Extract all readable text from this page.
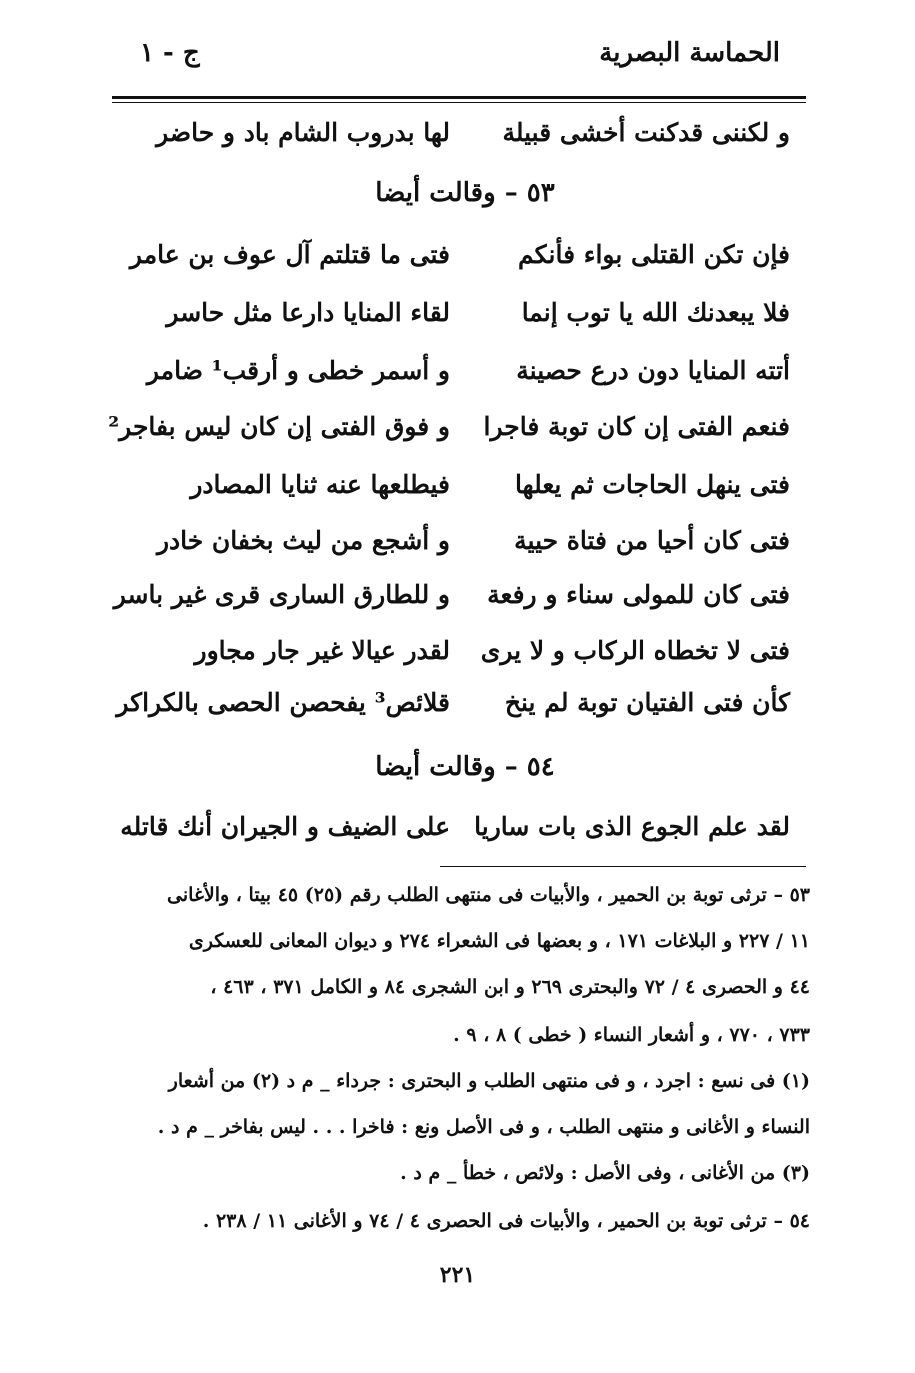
الحماسة البصرية
ج - ١
و لكننى قدكنت أخشى قبيلة
لها بدروب الشام باد و حاضر
٥٣ – وقالت أيضا
فإن تكن القتلى بواء فأنكم
فتى ما قتلتم آل عوف بن عامر
فلا يبعدنك الله يا توب إنما
لقاء المنايا دارعا مثل حاسر
أتته المنايا دون درع حصينة
و أسمر خطى و أرقب¹ ضامر
فنعم الفتى إن كان توبة فاجرا
و فوق الفتى إن كان ليس بفاجر²
فتى ينهل الحاجات ثم يعلها
فيطلعها عنه ثنايا المصادر
فتى كان أحيا من فتاة حيية
و أشجع من ليث بخفان خادر
فتى كان للمولى سناء و رفعة
و للطارق السارى قرى غير باسر
فتى لا تخطاه الركاب و لا يرى
لقدر عيالا غير جار مجاور
كأن فتى الفتيان توبة لم ينخ
قلائص³ يفحصن الحصى بالكراكر
٥٤ – وقالت أيضا
لقد علم الجوع الذى بات ساريا
على الضيف و الجيران أنك قاتله
٥٣ – ترثى توبة بن الحمير ، والأبيات فى منتهى الطلب رقم (٢٥) ٤٥ بيتا ، والأغانى
١١ / ٢٢٧ و البلاغات ١٧١ ، و بعضها فى الشعراء ٢٧٤ و ديوان المعانى للعسكرى
٤٤ و الحصرى ٤ / ٧٢ والبحترى ٢٦٩ و ابن الشجرى ٨٤ و الكامل ٣٧١ ، ٤٦٣ ،
٧٣٣ ، ٧٧٠ ، و أشعار النساء ( خطى ) ٨ ، ٩ .
(١) فى نسع : اجرد ، و فى منتهى الطلب و البحترى : جرداء _ م د (٢) من أشعار
النساء و الأغانى و منتهى الطلب ، و فى الأصل ونع : فاخرا . . . ليس بفاخر _ م د .
(٣) من الأغانى ، وفى الأصل : ولائص ، خطأ _ م د .
٥٤ – ترثى توبة بن الحمير ، والأبيات فى الحصرى ٤ / ٧٤ و الأغانى ١١ / ٢٣٨ .
٢٢١
